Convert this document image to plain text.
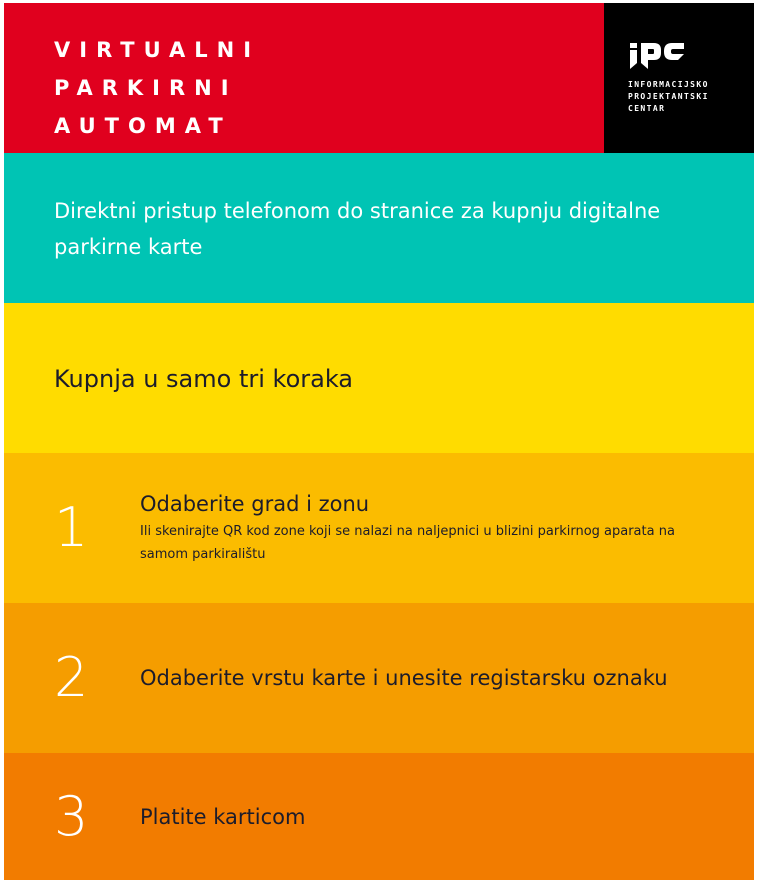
VIRTUALNI
PARKIRNI
AUTOMAT
INFORMACIJSKO
PROJEKTANTSKI
CENTAR
Direktni pristup telefonom do stranice za kupnju digitalne parkirne karte
Kupnja u samo tri koraka
1	Odaberite grad i zonu
Ili skenirajte QR kod zone koji se nalazi na naljepnici u blizini parkirnog aparata na samom parkiralištu
2	Odaberite vrstu karte i unesite registarsku oznaku
3	Platite karticom
